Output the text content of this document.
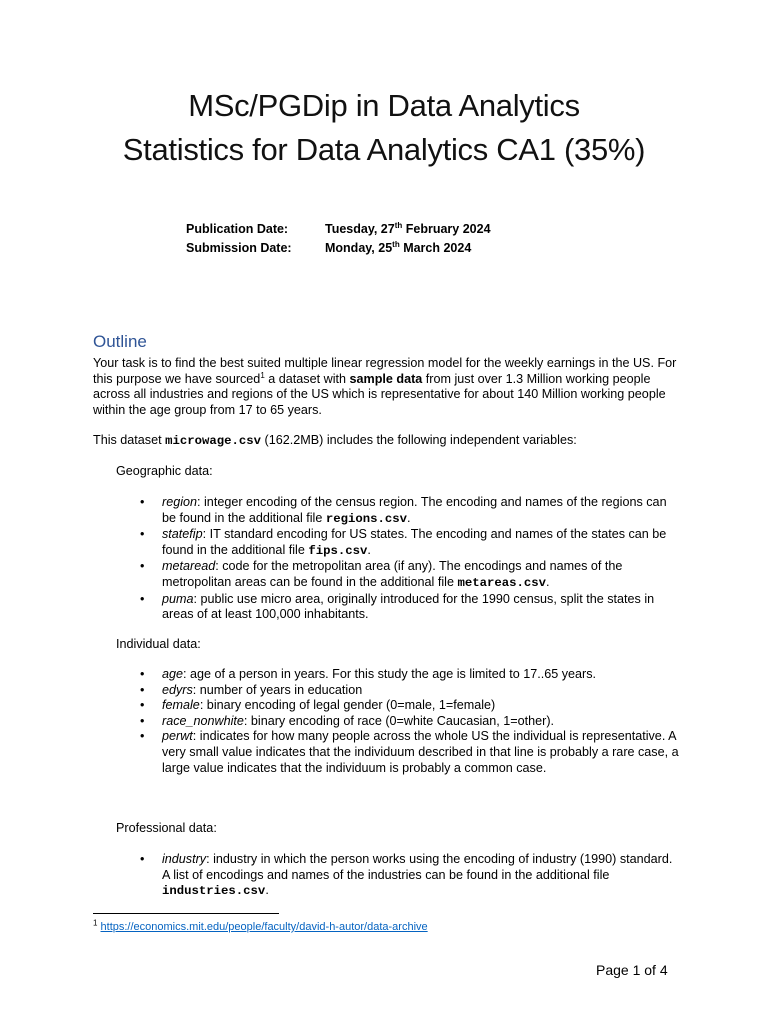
MSc/PGDip in Data Analytics
Statistics for Data Analytics CA1 (35%)
Publication Date:	Tuesday, 27th February 2024
Submission Date:	Monday, 25th March 2024
Outline
Your task is to find the best suited multiple linear regression model for the weekly earnings in the US. For this purpose we have sourced$^1$ a dataset with sample data from just over 1.3 Million working people across all industries and regions of the US which is representative for about 140 Million working people within the age group from 17 to 65 years.
This dataset microwage.csv (162.2MB) includes the following independent variables:
Geographic data:
• region: integer encoding of the census region. The encoding and names of the regions can be found in the additional file regions.csv.
• statefip: IT standard encoding for US states. The encoding and names of the states can be found in the additional file fips.csv.
• metaread: code for the metropolitan area (if any). The encodings and names of the metropolitan areas can be found in the additional file metareas.csv.
• puma: public use micro area, originally introduced for the 1990 census, split the states in areas of at least 100,000 inhabitants.
Individual data:
• age: age of a person in years. For this study the age is limited to 17..65 years.
• edyrs: number of years in education
• female: binary encoding of legal gender (0=male, 1=female)
• race_nonwhite: binary encoding of race (0=white Caucasian, 1=other).
• perwt: indicates for how many people across the whole US the individual is representative. A very small value indicates that the individuum described in that line is probably a rare case, a large value indicates that the individuum is probably a common case.
Professional data:
• industry: industry in which the person works using the encoding of industry (1990) standard. A list of encodings and names of the industries can be found in the additional file industries.csv.
$^1$ https://economics.mit.edu/people/faculty/david-h-autor/data-archive
Page 1 of 4
